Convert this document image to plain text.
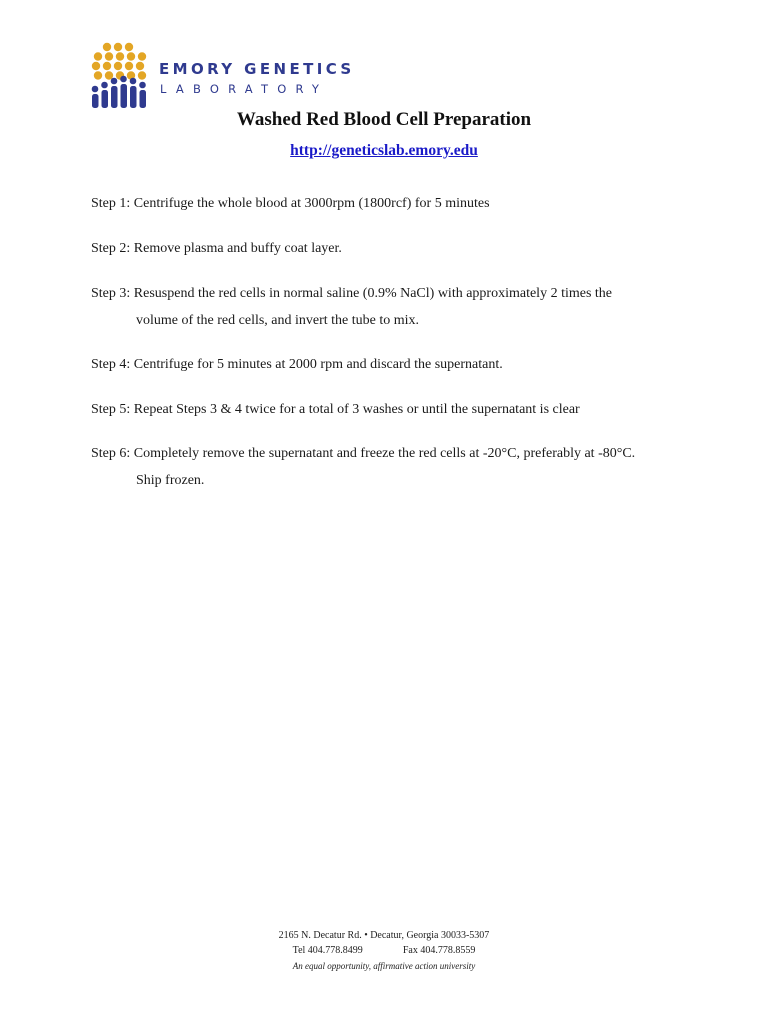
EMORY GENETICS
LABORATORY
Washed Red Blood Cell Preparation
http://geneticslab.emory.edu
Step 1: Centrifuge the whole blood at 3000rpm (1800rcf) for 5 minutes
Step 2: Remove plasma and buffy coat layer.
Step 3: Resuspend the red cells in normal saline (0.9% NaCl) with approximately 2 times the
volume of the red cells, and invert the tube to mix.
Step 4: Centrifuge for 5 minutes at 2000 rpm and discard the supernatant.
Step 5: Repeat Steps 3 & 4 twice for a total of 3 washes or until the supernatant is clear
Step 6: Completely remove the supernatant and freeze the red cells at -20°C, preferably at -80°C.
Ship frozen.
2165 N. Decatur Rd. • Decatur, Georgia 30033-5307
Tel 404.778.8499	Fax 404.778.8559
An equal opportunity, affirmative action university
